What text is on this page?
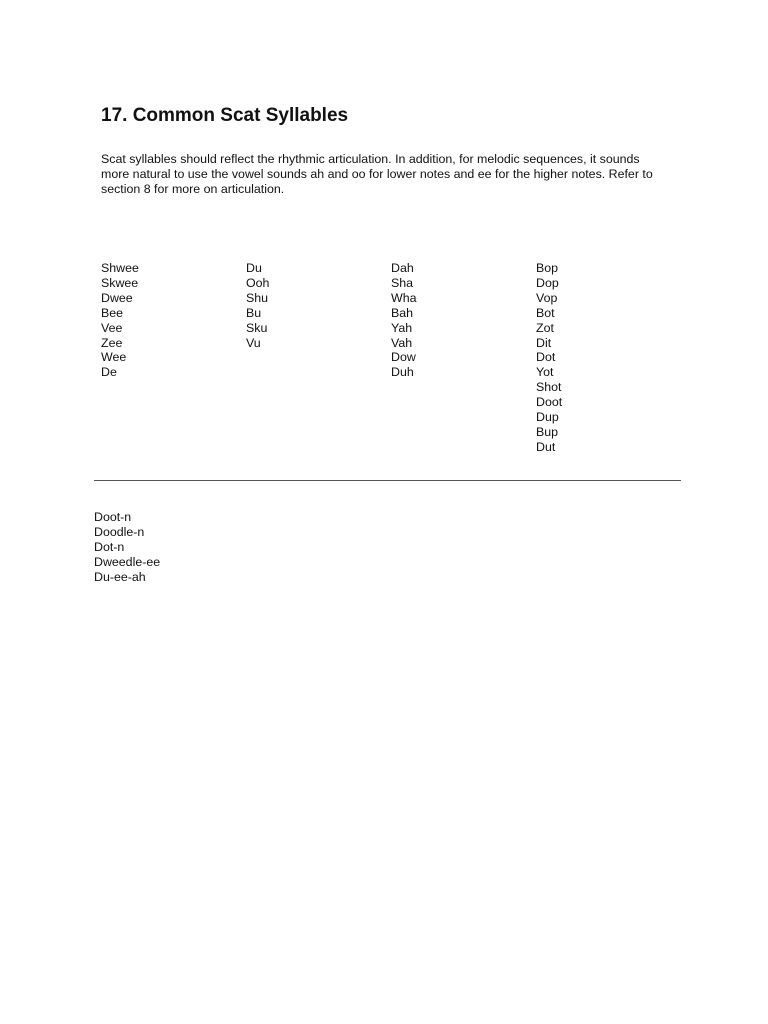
17. Common Scat Syllables

Scat syllables should reflect the rhythmic articulation. In addition, for melodic sequences, it sounds
more natural to use the vowel sounds ah and oo for lower notes and ee for the higher notes. Refer to
section 8 for more on articulation.

Shwee
Skwee
Dwee
Bee
Vee
Zee
Wee
De
Du
Ooh
Shu
Bu
Sku
Vu
Dah
Sha
Wha
Bah
Yah
Vah
Dow
Duh
Bop
Dop
Vop
Bot
Zot
Dit
Dot
Yot
Shot
Doot
Dup
Bup
Dut
Doot-n
Doodle-n
Dot-n
Dweedle-ee
Du-ee-ah
